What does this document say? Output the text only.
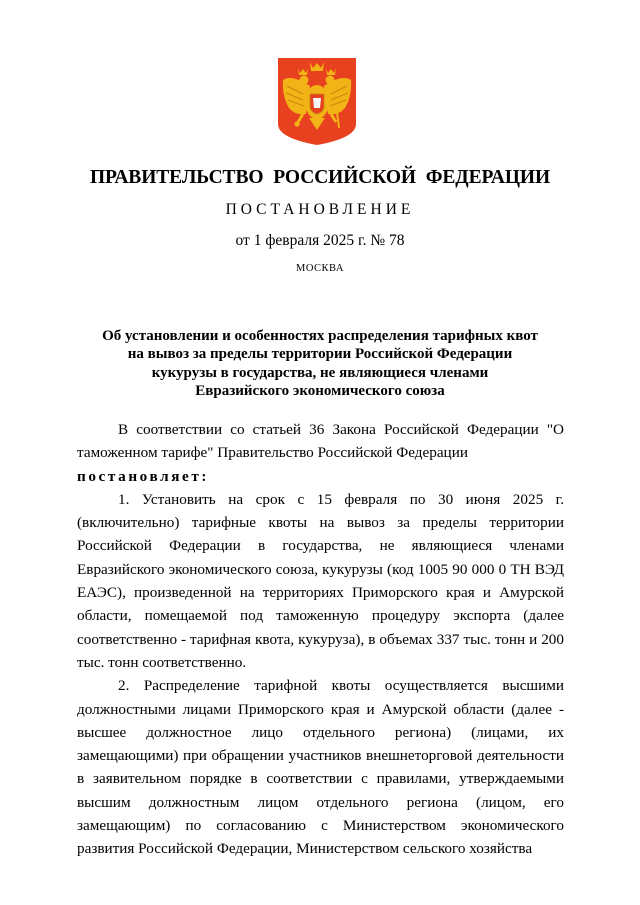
ПРАВИТЕЛЬСТВО РОССИЙСКОЙ ФЕДЕРАЦИИ
ПОСТАНОВЛЕНИЕ
от 1 февраля 2025 г. № 78
МОСКВА
Об установлении и особенностях распределения тарифных квот
на вывоз за пределы территории Российской Федерации
кукурузы в государства, не являющиеся членами
Евразийского экономического союза

В соответствии со статьей 36 Закона Российской Федерации "О таможенном тарифе" Правительство Российской Федерации

постановляет:

1. Установить на срок с 15 февраля по 30 июня 2025 г. (включительно) тарифные квоты на вывоз за пределы территории Российской Федерации в государства, не являющиеся членами Евразийского экономического союза, кукурузы (код 1005 90 000 0 ТН ВЭД ЕАЭС), произведенной на территориях Приморского края и Амурской области, помещаемой под таможенную процедуру экспорта (далее соответственно - тарифная квота, кукуруза), в объемах 337 тыс. тонн и 200 тыс. тонн соответственно.

2. Распределение тарифной квоты осуществляется высшими должностными лицами Приморского края и Амурской области (далее - высшее должностное лицо отдельного региона) (лицами, их замещающими) при обращении участников внешнеторговой деятельности в заявительном порядке в соответствии с правилами, утверждаемыми высшим должностным лицом отдельного региона (лицом, его замещающим) по согласованию с Министерством экономического развития Российской Федерации, Министерством сельского хозяйства
